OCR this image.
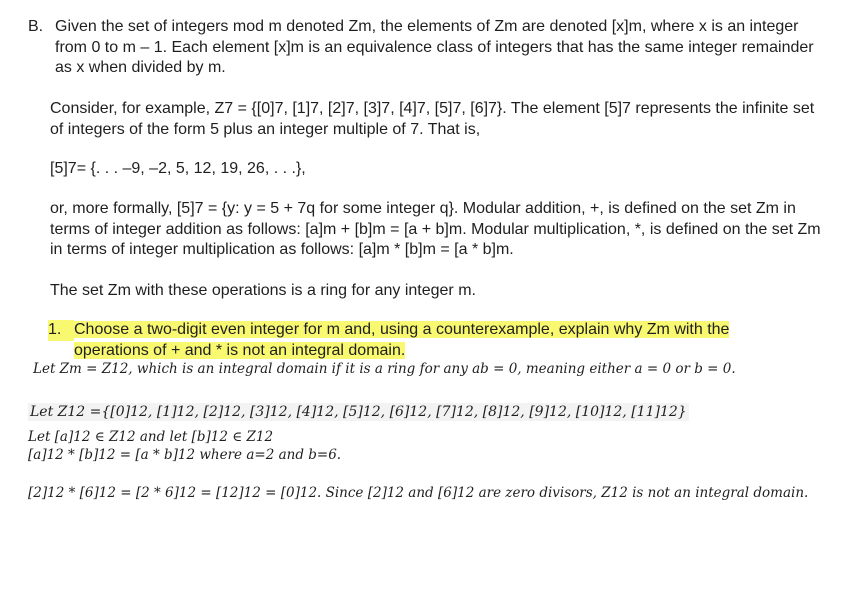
B. Given the set of integers mod m denoted Zm, the elements of Zm are denoted [x]m, where x is an integer from 0 to m – 1. Each element [x]m is an equivalence class of integers that has the same integer remainder as x when divided by m.

Consider, for example, Z7 = {[0]7, [1]7, [2]7, [3]7, [4]7, [5]7, [6]7}. The element [5]7 represents the infinite set of integers of the form 5 plus an integer multiple of 7. That is,

[5]7= {. . . –9, –2, 5, 12, 19, 26, . . .},

or, more formally, [5]7 = {y: y = 5 + 7q for some integer q}. Modular addition, +, is defined on the set Zm in terms of integer addition as follows: [a]m + [b]m = [a + b]m. Modular multiplication, *, is defined on the set Zm in terms of integer multiplication as follows: [a]m * [b]m = [a * b]m.

The set Zm with these operations is a ring for any integer m.

1. Choose a two-digit even integer for m and, using a counterexample, explain why Zm with the
operations of + and * is not an integral domain.

Let Zm = Z12, which is an integral domain if it is a ring for any ab = 0, meaning either a = 0 or b = 0.

Let Z12 ={[0]12, [1]12, [2]12, [3]12, [4]12, [5]12, [6]12, [7]12, [8]12, [9]12, [10]12, [11]12}

Let [a]12 ∈ Z12 and let [b]12 ∈ Z12

[a]12 * [b]12 = [a * b]12 where a=2 and b=6.

[2]12 * [6]12 = [2 * 6]12 = [12]12 = [0]12. Since [2]12 and [6]12 are zero divisors, Z12 is not an integral domain.
